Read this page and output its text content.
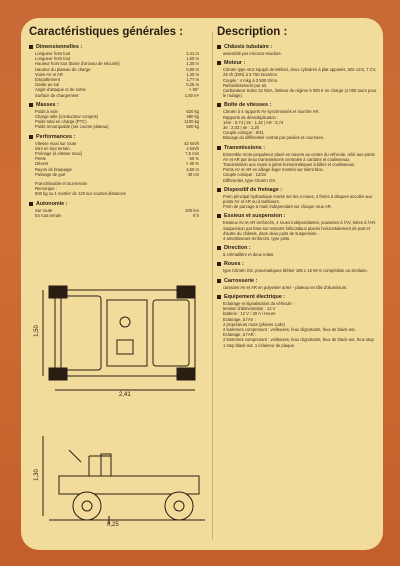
Caractéristiques générales :
Dimensionnelles :
Longueur hors tout	2,41 m
Longueur hors tout	1,50 m
Hauteur hors tout (barre d'arceau de sécurité)	1,30 m
Hauteur du plateau de charge	0,80 m
Voies AV et AR	1,30 m
Empattement	1,77 m
Garde au sol	0,25 m
Angle d'attaque et de sortie	> 90°
Surface de chargement	1,50 m²
Masses :
Poids à vide	620 kg
Charge utile (conducteur compris)	480 kg
Poids total en charge (PTC)	1100 kg
Poids remorquable (sur course plateau)	500 kg
Performances :
Vitesse maxi sur route	42 km/h
mini en tout terrain	4 km/h
Freinage (à vitesse maxi)	7,5 m/s
Pente	60 %
Dévers	> 30 %
Rayon de braquage	4,50 m
Passage de gué	40 cm
Franchissable et tout-terrain
Remorque :
500 kg ou 1 mortier de 120 sur courtes distances
Autonomie :
Sur route	200 km
En tout terrain	8 h
1,50
2,41
1,30
0,25
Description :
Châssis tubulaire :
assemblé par mécano-soudure.
Moteur :
Citroën type AK2 équipé de Méhari, deux cylindres à plat opposés, 602 cm3, 7 CV, 29 ch (DIN) à 5 750 tours/mn.
Couple : 4 mkg à 3 500 tr/mn.
Refroidissement par air.
Carburateur Solex 32 NSA, limiteur de régime 5 000 tr en charge (4 000 tours pour le rodage).
Boîte de vitesses :
Citroën à 4 rapports AV synchronisés et marche AR.
Rapports de démultiplication :
1ère : 5,74 | 2e : 1,32 | AR : 5,74
3e : 2,03 | 4e : 1,20
Couple conique : 8/31
Blocage du différentiel central par poulies et courroies.
Transmissions :
Ensemble moto-propulseur placé en travers au centre du véhicule, relié aux ponts AV et AR par deux transmissions centrales à cardans et coulisseaux.
Transmission aux roues à joints homocinétiques à billes et coulisseaux.
Ponts AV et AR en alliage léger montés sur silent-bloc.
Couple conique : 12/34
Différentiel, type Citroën GS.
Dispositif de freinage :
Frein principal hydraulique monté sur les 4 roues, 4 freins à disques accolés aux ponts AV et AR ou à tambours.
Frein de parcage à main indépendant sur chaque roue AR.
Essieux et suspension :
Essieux AV et AR renforcés, 4 roues indépendantes, poussées à l'AV, tirées à l'AR.
Suspension par bras sur ressorts hélicoïdaux placés horizontalement de part et d'autre du châssis, dans deux puits de suspension.
4 amortisseurs renforcés, type pists.
Direction :
à crémaillère et deux relais.
Roues :
type Citroën GS, pneumatiques Kléber 165 x 15 M+S compétition ou similaire.
Carrosserie :
caissons AV et AR en polyester armé - plateau en tôle d'aluminium.
Equipement électrique :
Eclairage et signalisation du véhicule :
tension d'alimentation : 12 V
batterie : 12 V / 30 A / Heure
Eclairage, à l'AV :
2 projecteurs route (phares code)
2 lanternes comprenant : veilleuses, feux clignotants, feux de black-out.
Eclairage, à l'AR :
2 lanternes comprenant : veilleuses, feux clignotants, feux de black-out, feux stop
1 stop black-out. 1 éclaireur de plaque.
